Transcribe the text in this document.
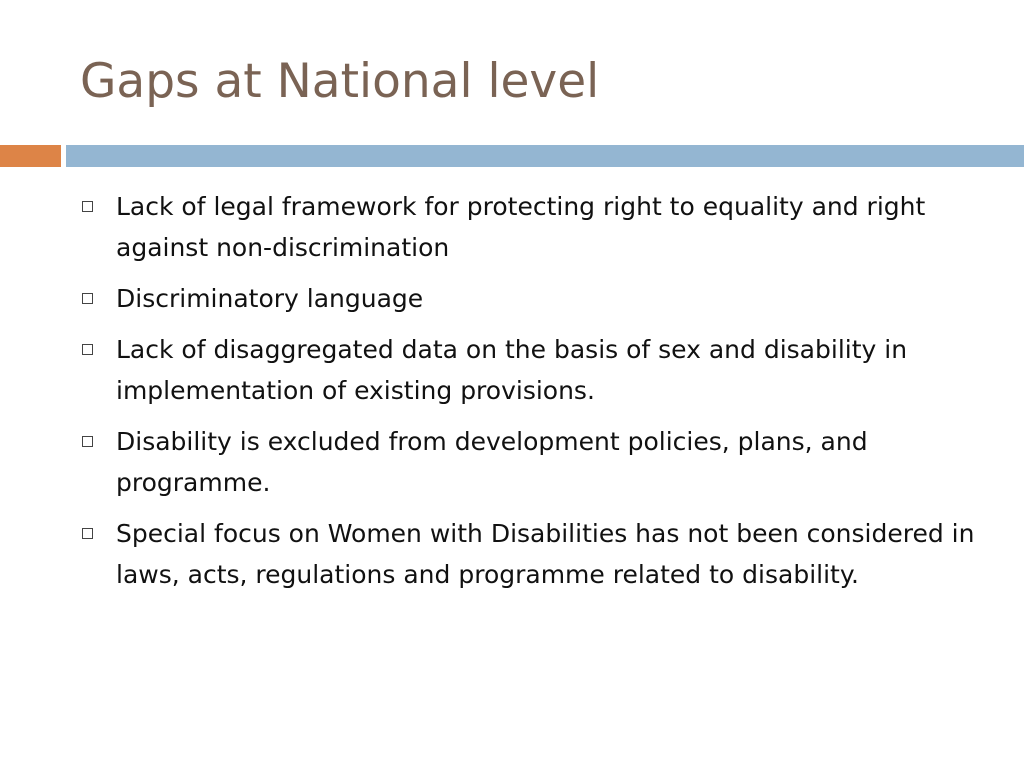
Gaps at National level
Lack of legal framework for protecting right to equality and right against non-discrimination
Discriminatory language
Lack of disaggregated data on the basis of sex and disability in implementation of existing provisions.
Disability is excluded from development policies, plans, and programme.
Special focus on Women with Disabilities has not been considered in laws, acts, regulations and programme related to disability.
